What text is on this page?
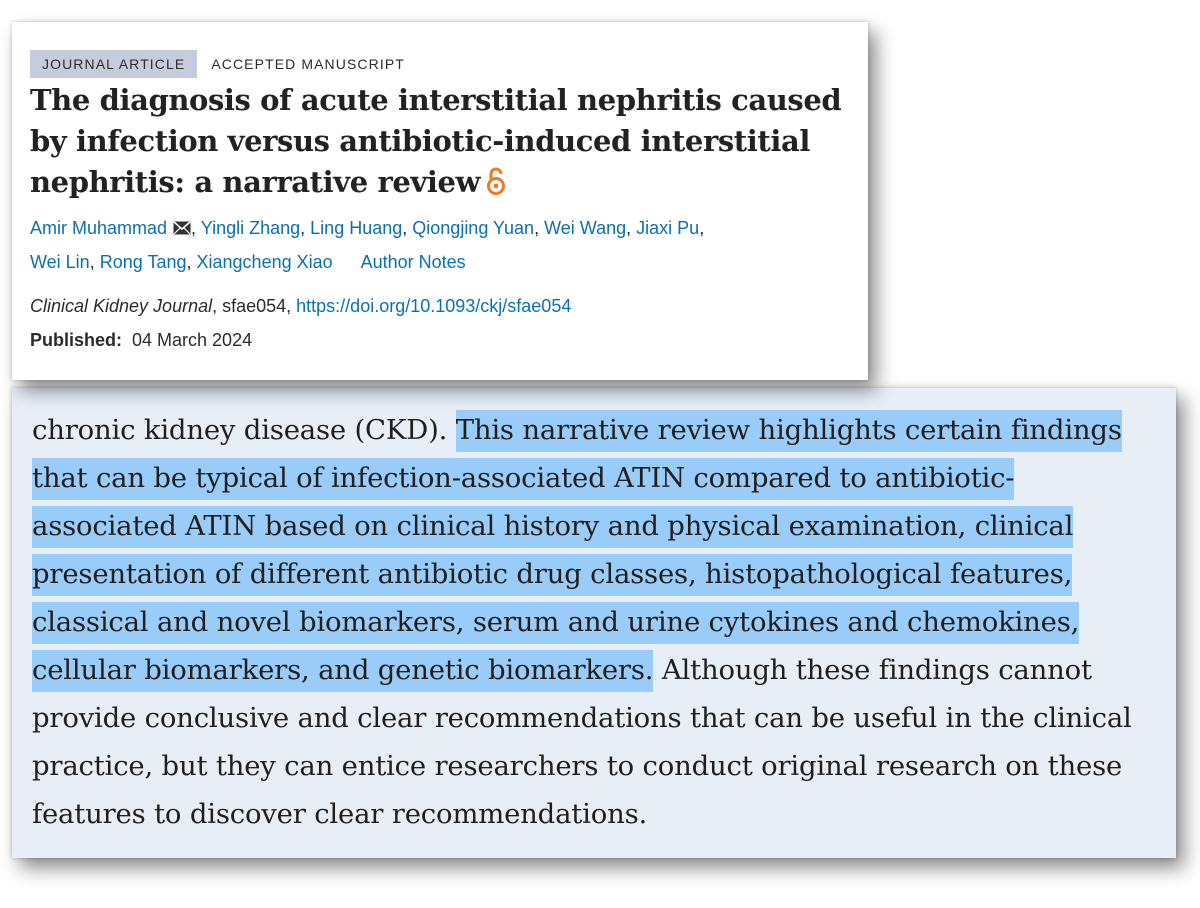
chronic kidney disease (CKD). This narrative review highlights certain findings
that can be typical of infection-associated ATIN compared to antibiotic-
associated ATIN based on clinical history and physical examination, clinical
presentation of different antibiotic drug classes, histopathological features,
classical and novel biomarkers, serum and urine cytokines and chemokines,
cellular biomarkers, and genetic biomarkers. Although these findings cannot
provide conclusive and clear recommendations that can be useful in the clinical
practice, but they can entice researchers to conduct original research on these
features to discover clear recommendations.
JOURNAL ARTICLE	ACCEPTED MANUSCRIPT
The diagnosis of acute interstitial nephritis caused
by infection versus antibiotic-induced interstitial
nephritis: a narrative review
Amir Muhammad , Yingli Zhang, Ling Huang, Qiongjing Yuan, Wei Wang, Jiaxi Pu,
Wei Lin, Rong Tang, Xiangcheng Xiao Author Notes
Clinical Kidney Journal, sfae054, https://doi.org/10.1093/ckj/sfae054
Published: 04 March 2024
